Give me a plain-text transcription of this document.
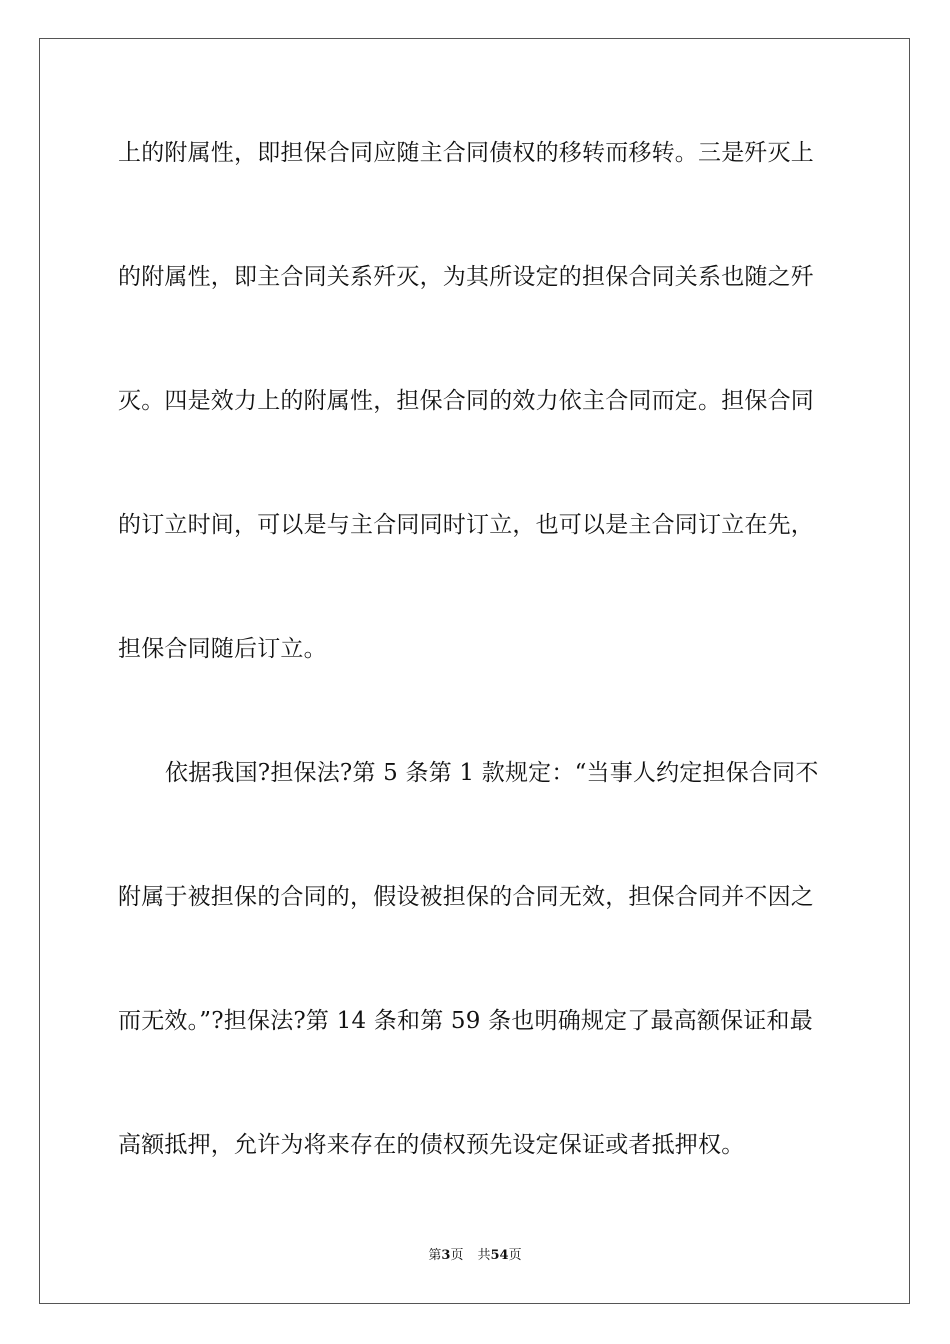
上的附属性，即担保合同应随主合同债权的移转而移转。三是歼灭上
的附属性，即主合同关系歼灭，为其所设定的担保合同关系也随之歼
灭。四是效力上的附属性，担保合同的效力依主合同而定。担保合同
的订立时间，可以是与主合同同时订立，也可以是主合同订立在先，
担保合同随后订立。
依据我国?担保法?第 5 条第 1 款规定：“当事人约定担保合同不
附属于被担保的合同的，假设被担保的合同无效，担保合同并不因之
而无效。”?担保法?第 14 条和第 59 条也明确规定了最高额保证和最
高额抵押，允许为将来存在的债权预先设定保证或者抵押权。
第3页 共54页
